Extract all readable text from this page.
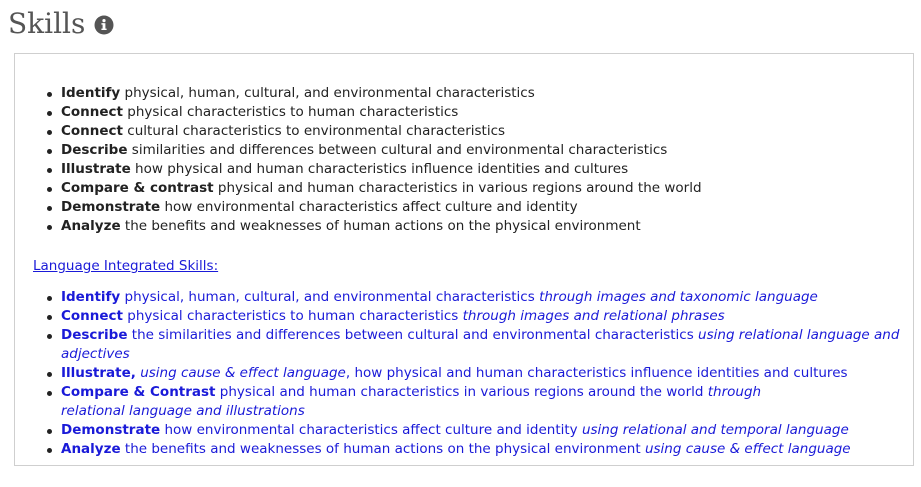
Skills
Identify physical, human, cultural, and environmental characteristics
Connect physical characteristics to human characteristics
Connect cultural characteristics to environmental characteristics
Describe similarities and differences between cultural and environmental characteristics
Illustrate how physical and human characteristics influence identities and cultures
Compare & contrast physical and human characteristics in various regions around the world
Demonstrate how environmental characteristics affect culture and identity
Analyze the benefits and weaknesses of human actions on the physical environment
Language Integrated Skills:
Identify physical, human, cultural, and environmental characteristics through images and taxonomic language
Connect physical characteristics to human characteristics through images and relational phrases
Describe the similarities and differences between cultural and environmental characteristics using relational language and adjectives
Illustrate, using cause & effect language, how physical and human characteristics influence identities and cultures
Compare & Contrast physical and human characteristics in various regions around the world through relational language and illustrations
Demonstrate how environmental characteristics affect culture and identity using relational and temporal language
Analyze the benefits and weaknesses of human actions on the physical environment using cause & effect language
